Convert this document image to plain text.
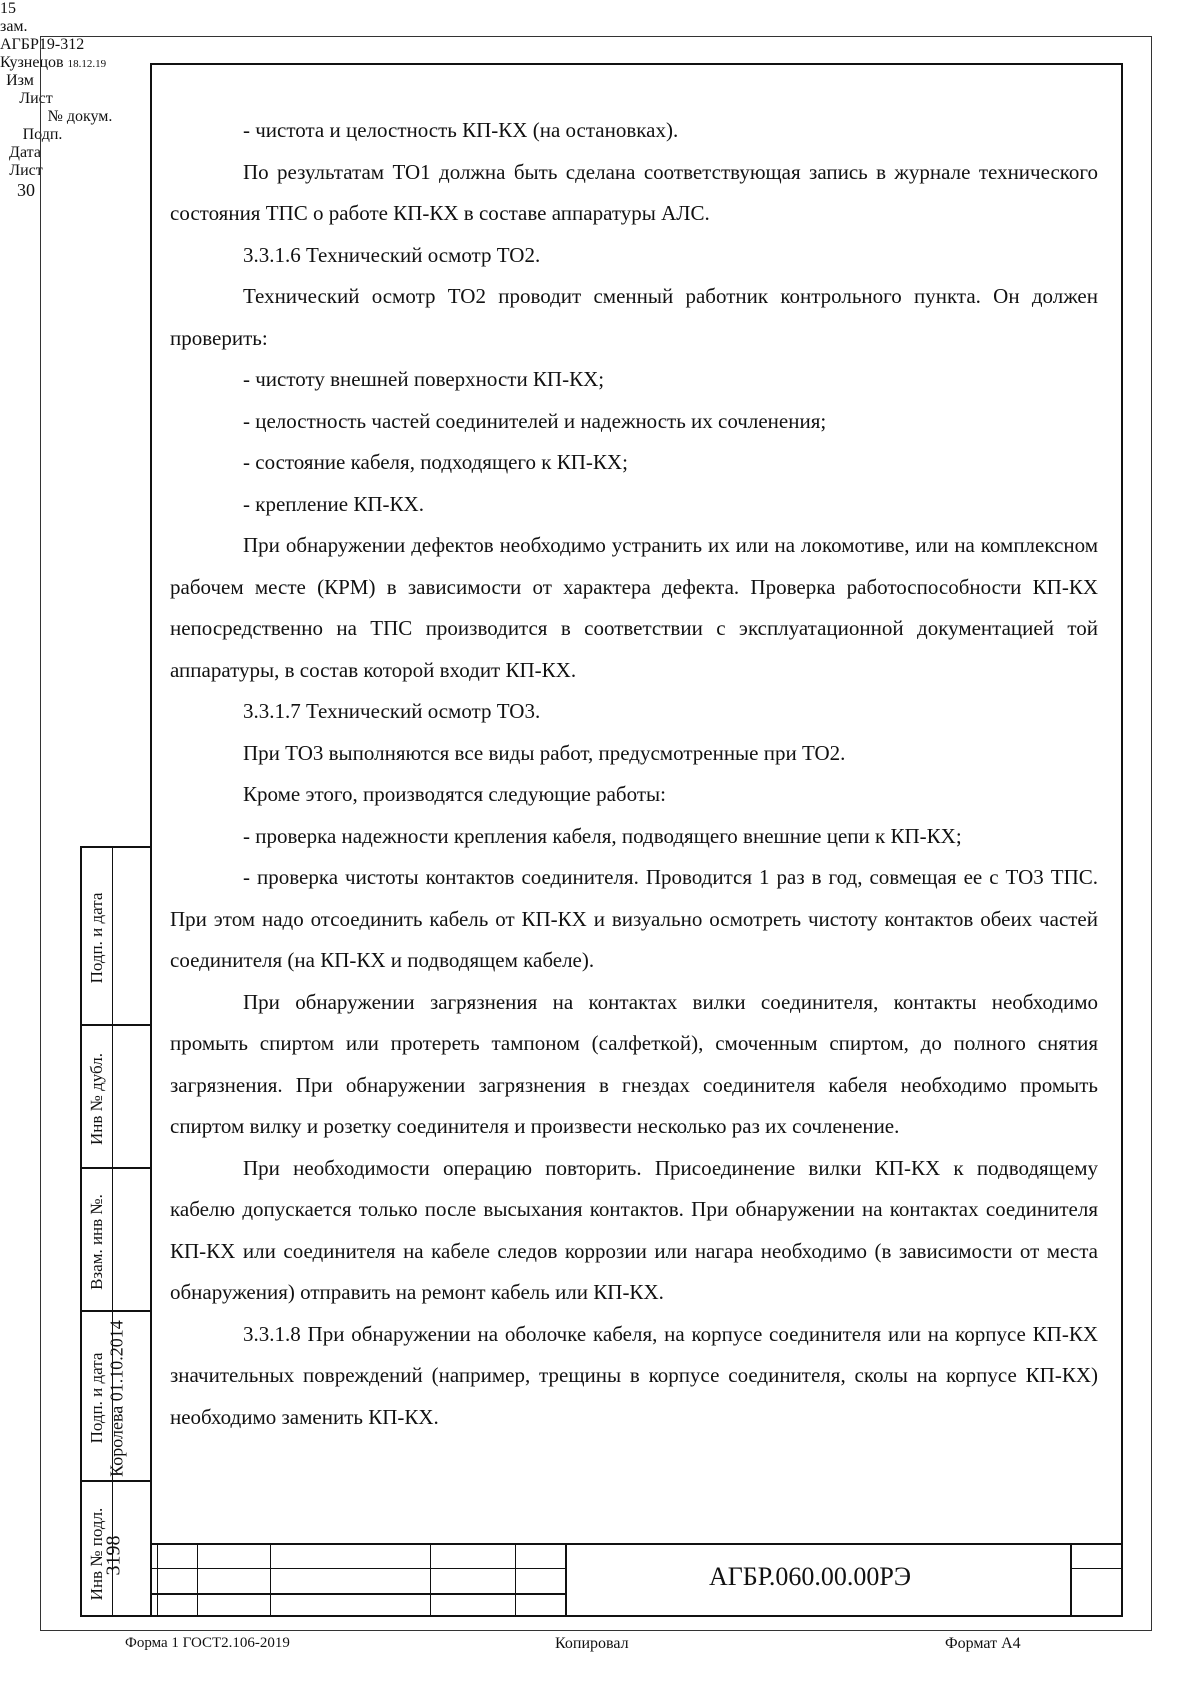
- чистота и целостность КП-КХ (на остановках).

По результатам ТО1 должна быть сделана соответствующая запись в журнале технического состояния ТПС о работе КП-КХ в составе аппаратуры АЛС.

3.3.1.6 Технический осмотр ТО2.

Технический осмотр ТО2 проводит сменный работник контрольного пункта. Он должен проверить:

- чистоту внешней поверхности КП-КХ;

- целостность частей соединителей и надежность их сочленения;

- состояние кабеля, подходящего к КП-КХ;

- крепление КП-КХ.

При обнаружении дефектов необходимо устранить их или на локомотиве, или на комплексном рабочем месте (КРМ) в зависимости от характера дефекта. Проверка работоспособности КП-КХ непосредственно на ТПС производится в соответствии с эксплуатационной документацией той аппаратуры, в состав которой входит КП-КХ.

3.3.1.7 Технический осмотр ТО3.

При ТО3 выполняются все виды работ, предусмотренные при ТО2.

Кроме этого, производятся следующие работы:

- проверка надежности крепления кабеля, подводящего внешние цепи к КП-КХ;

- проверка чистоты контактов соединителя. Проводится 1 раз в год, совмещая ее с ТО3 ТПС. При этом надо отсоединить кабель от КП-КХ и визуально осмотреть чистоту контактов обеих частей соединителя (на КП-КХ и подводящем кабеле).

При обнаружении загрязнения на контактах вилки соединителя, контакты необходимо промыть спиртом или протереть тампоном (салфеткой), смоченным спиртом, до полного снятия загрязнения. При обнаружении загрязнения в гнездах соединителя кабеля необходимо промыть спиртом вилку и розетку соединителя и произвести несколько раз их сочленение.

При необходимости операцию повторить. Присоединение вилки КП-КХ к подводящему кабелю допускается только после высыхания контактов. При обнаружении на контактах соединителя КП-КХ или соединителя на кабеле следов коррозии или нагара необходимо (в зависимости от места обнаружения) отправить на ремонт кабель или КП-КХ.

3.3.1.8 При обнаружении на оболочке кабеля, на корпусе соединителя или на корпусе КП-КХ значительных повреждений (например, трещины в корпусе соединителя, сколы на корпусе КП-КХ) необходимо заменить КП-КХ.

Подп. и дата
Инв № дубл.
Взам. инв №.
Подп. и дата Королева 01.10.2014
Инв № подл.
3198
15
зам.
АГБР19-312
Кузнецов 18.12.19
Изм
Лист
№ докум.
Подп.
Дата
АГБР.060.00.00РЭ
Лист
30
Форма 1 ГОСТ2.106-2019	Копировал	Формат А4
